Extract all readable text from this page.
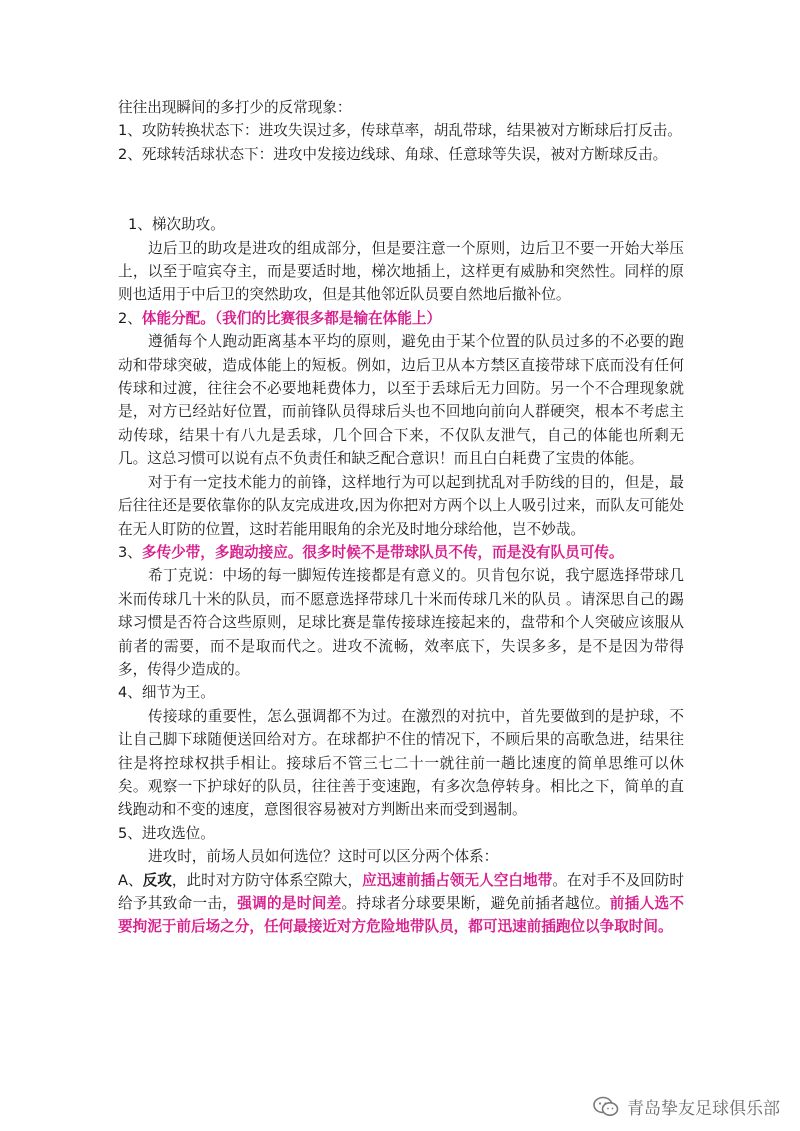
往往出现瞬间的多打少的反常现象：

1、攻防转换状态下：进攻失误过多，传球草率，胡乱带球，结果被对方断球后打反击。

2、死球转活球状态下：进攻中发接边线球、角球、任意球等失误，被对方断球反击。

1、梯次助攻。

边后卫的助攻是进攻的组成部分，但是要注意一个原则，边后卫不要一开始大举压上，以至于喧宾夺主，而是要适时地，梯次地插上，这样更有威胁和突然性。同样的原则也适用于中后卫的突然助攻，但是其他邻近队员要自然地后撤补位。

2、体能分配。（我们的比赛很多都是输在体能上）

遵循每个人跑动距离基本平均的原则，避免由于某个位置的队员过多的不必要的跑动和带球突破，造成体能上的短板。例如，边后卫从本方禁区直接带球下底而没有任何传球和过渡，往往会不必要地耗费体力，以至于丢球后无力回防。另一个不合理现象就是，对方已经站好位置，而前锋队员得球后头也不回地向前向人群硬突，根本不考虑主动传球，结果十有八九是丢球，几个回合下来，不仅队友泄气，自己的体能也所剩无几。这总习惯可以说有点不负责任和缺乏配合意识！而且白白耗费了宝贵的体能。

对于有一定技术能力的前锋，这样地行为可以起到扰乱对手防线的目的，但是，最后往往还是要依靠你的队友完成进攻,因为你把对方两个以上人吸引过来，而队友可能处在无人盯防的位置，这时若能用眼角的余光及时地分球给他，岂不妙哉。

3、多传少带，多跑动接应。很多时候不是带球队员不传，而是没有队员可传。

希丁克说：中场的每一脚短传连接都是有意义的。贝肯包尔说，我宁愿选择带球几米而传球几十米的队员，而不愿意选择带球几十米而传球几米的队员 。请深思自己的踢球习惯是否符合这些原则，足球比赛是靠传接球连接起来的，盘带和个人突破应该服从前者的需要，而不是取而代之。进攻不流畅，效率底下，失误多多，是不是因为带得多，传得少造成的。

4、细节为王。

传接球的重要性，怎么强调都不为过。在激烈的对抗中，首先要做到的是护球，不让自己脚下球随便送回给对方。在球都护不住的情况下，不顾后果的高歌急进，结果往往是将控球权拱手相让。接球后不管三七二十一就往前一趟比速度的简单思维可以休矣。观察一下护球好的队员，往往善于变速跑，有多次急停转身。相比之下，简单的直线跑动和不变的速度，意图很容易被对方判断出来而受到遏制。

5、进攻选位。

进攻时，前场人员如何选位？这时可以区分两个体系：

A、反攻，此时对方防守体系空隙大，应迅速前插占领无人空白地带。在对手不及回防时给予其致命一击，强调的是时间差。持球者分球要果断，避免前插者越位。前插人选不要拘泥于前后场之分，任何最接近对方危险地带队员，都可迅速前插跑位以争取时间。

青岛挚友足球俱乐部
